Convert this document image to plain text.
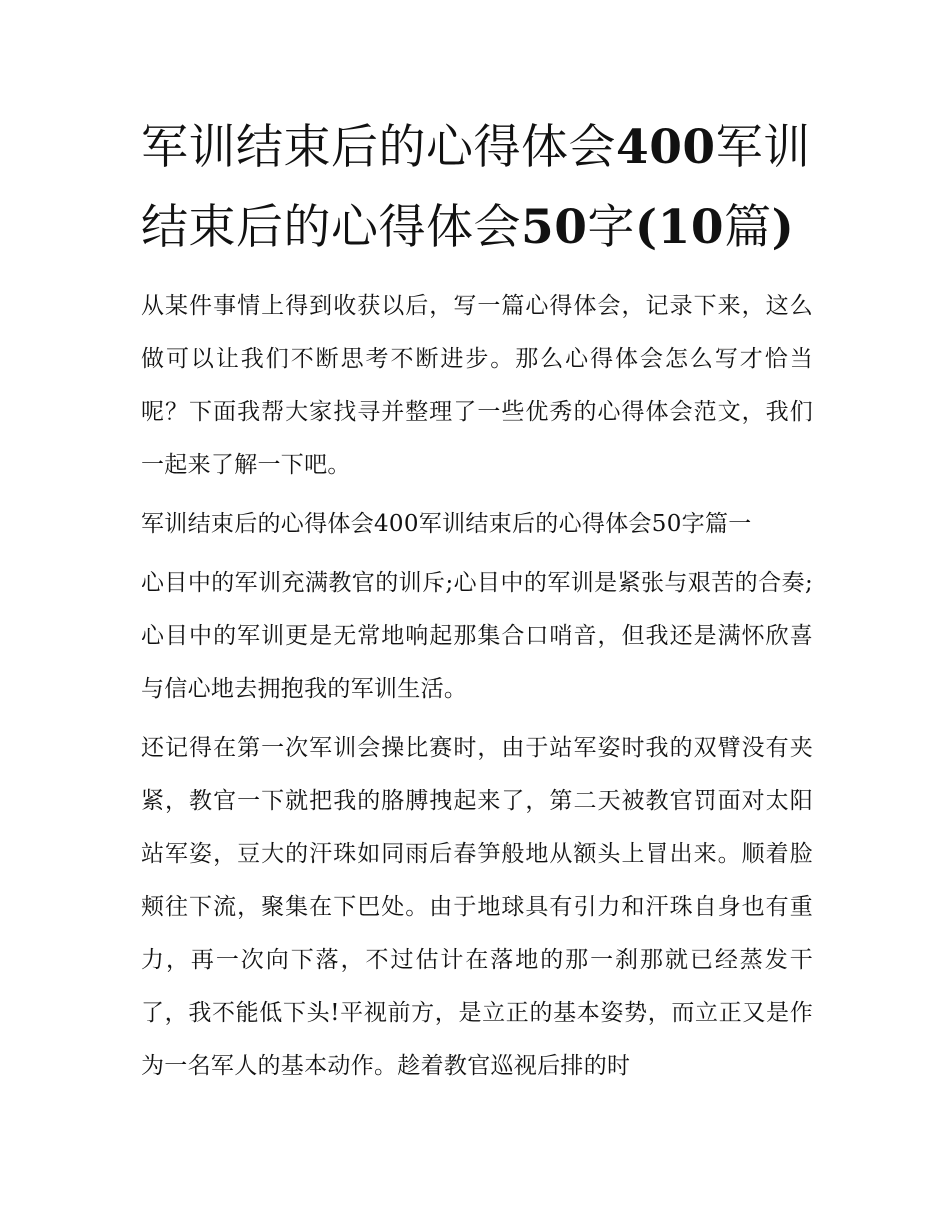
军训结束后的心得体会400军训结束后的心得体会50字(10篇)

从某件事情上得到收获以后，写一篇心得体会，记录下来，这么做可以让我们不断思考不断进步。那么心得体会怎么写才恰当呢？下面我帮大家找寻并整理了一些优秀的心得体会范文，我们一起来了解一下吧。

军训结束后的心得体会400军训结束后的心得体会50字篇一

心目中的军训充满教官的训斥;心目中的军训是紧张与艰苦的合奏;心目中的军训更是无常地响起那集合口哨音，但我还是满怀欣喜与信心地去拥抱我的军训生活。

还记得在第一次军训会操比赛时，由于站军姿时我的双臂没有夹紧，教官一下就把我的胳膊拽起来了，第二天被教官罚面对太阳站军姿，豆大的汗珠如同雨后春笋般地从额头上冒出来。顺着脸颊往下流，聚集在下巴处。由于地球具有引力和汗珠自身也有重力，再一次向下落，不过估计在落地的那一刹那就已经蒸发干了，我不能低下头!平视前方，是立正的基本姿势，而立正又是作为一名军人的基本动作。趁着教官巡视后排的时
